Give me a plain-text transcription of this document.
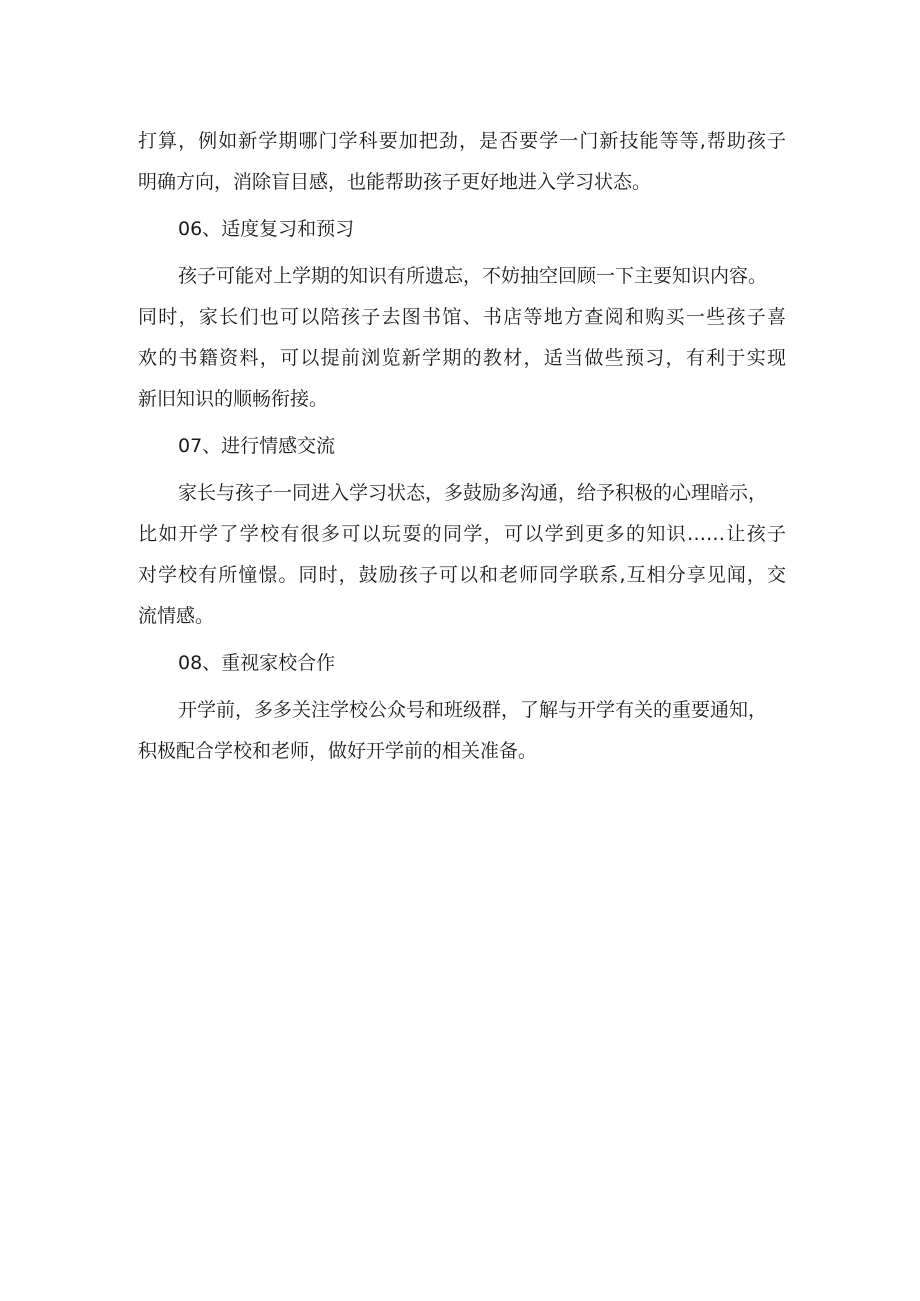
打算，例如新学期哪门学科要加把劲，是否要学一门新技能等等,帮助孩子
明确方向，消除盲目感，也能帮助孩子更好地进入学习状态。
06、适度复习和预习
孩子可能对上学期的知识有所遗忘，不妨抽空回顾一下主要知识内容。
同时，家长们也可以陪孩子去图书馆、书店等地方查阅和购买一些孩子喜
欢的书籍资料，可以提前浏览新学期的教材，适当做些预习，有利于实现
新旧知识的顺畅衔接。
07、进行情感交流
家长与孩子一同进入学习状态，多鼓励多沟通，给予积极的心理暗示，
比如开学了学校有很多可以玩耍的同学，可以学到更多的知识……让孩子
对学校有所憧憬。同时，鼓励孩子可以和老师同学联系,互相分享见闻，交
流情感。
08、重视家校合作
开学前，多多关注学校公众号和班级群，了解与开学有关的重要通知，
积极配合学校和老师，做好开学前的相关准备。
